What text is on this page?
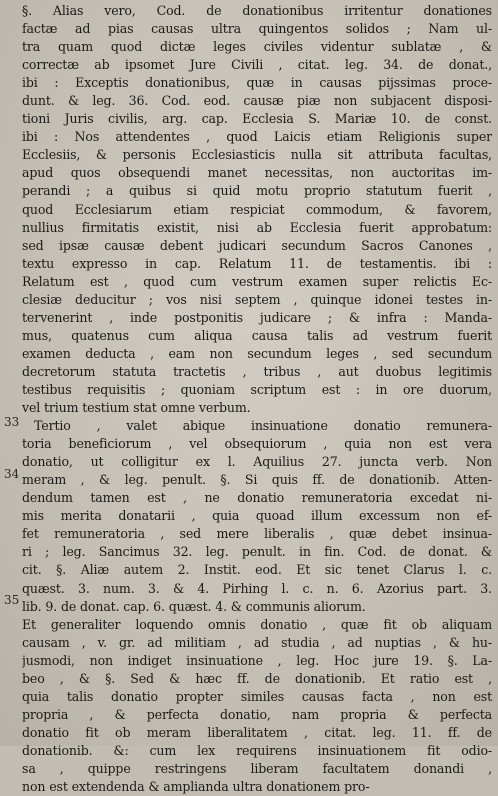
§. Alias vero, Cod. de donationibus irritentur donationes
factæ ad pias causas ultra quingentos solidos ; Nam ul-
tra quam quod dictæ leges civiles videntur sublatæ , &
correctæ ab ipsomet Jure Civili , citat. leg. 34. de donat.,
ibi : Exceptis donationibus, quæ in causas pijssimas proce-
dunt. & leg. 36. Cod. eod. causæ piæ non subjacent disposi-
tioni Juris civilis, arg. cap. Ecclesia S. Mariæ 10. de const.
ibi : Nos attendentes , quod Laicis etiam Religionis super
Ecclesiis, & personis Ecclesiasticis nulla sit attributa facultas,
apud quos obsequendi manet necessitas, non auctoritas im-
perandi ; a quibus si quid motu proprio statutum fuerit ,
quod Ecclesiarum etiam respiciat commodum, & favorem,
nullius firmitatis existit, nisi ab Ecclesia fuerit approbatum:
sed ipsæ causæ debent judicari secundum Sacros Canones ,
textu expresso in cap. Relatum 11. de testamentis. ibi :
Relatum est , quod cum vestrum examen super relictis Ec-
clesiæ deducitur ; vos nisi septem , quinque idonei testes in-
tervenerint , inde postponitis judicare ; & infra : Manda-
mus, quatenus cum aliqua causa talis ad vestrum fuerit
examen deducta , eam non secundum leges , sed secundum
decretorum statuta tractetis , tribus , aut duobus legitimis
testibus requisitis ; quoniam scriptum est : in ore duorum,
vel trium testium stat omne verbum.
Tertio , valet abique insinuatione donatio remunera-
toria beneficiorum , vel obsequiorum , quia non est vera
donatio, ut colligitur ex l. Aquilius 27. juncta verb. Non
meram , & leg. penult. §. Si quis ff. de donationib. Atten-
dendum tamen est , ne donatio remuneratoria excedat ni-
mis merita donatarii , quia quoad illum excessum non ef-
fet remuneratoria , sed mere liberalis , quæ debet insinua-
ri ; leg. Sancimus 32. leg. penult. in fin. Cod. de donat. &
cit. §. Aliæ autem 2. Instit. eod. Et sic tenet Clarus l. c.
quæst. 3. num. 3. & 4. Pirhing l. c. n. 6. Azorius part. 3.
lib. 9. de donat. cap. 6. quæst. 4. & communis aliorum.
Et generaliter loquendo omnis donatio , quæ fit ob aliquam
causam , v. gr. ad militiam , ad studia , ad nuptias , & hu-
jusmodi, non indiget insinuatione , leg. Hoc jure 19. §. La-
beo , & §. Sed & hæc ff. de donationib. Et ratio est ,
quia talis donatio propter similes causas facta , non est
propria , & perfecta donatio, nam propria & perfecta
donatio fit ob meram liberalitatem , citat. leg. 11. ff. de
donationib. &: cum lex requirens insinuationem fit odio-
sa , quippe restringens liberam facultatem donandi ,
non est extendenda & amplianda ultra donationem pro-
33
34
35
